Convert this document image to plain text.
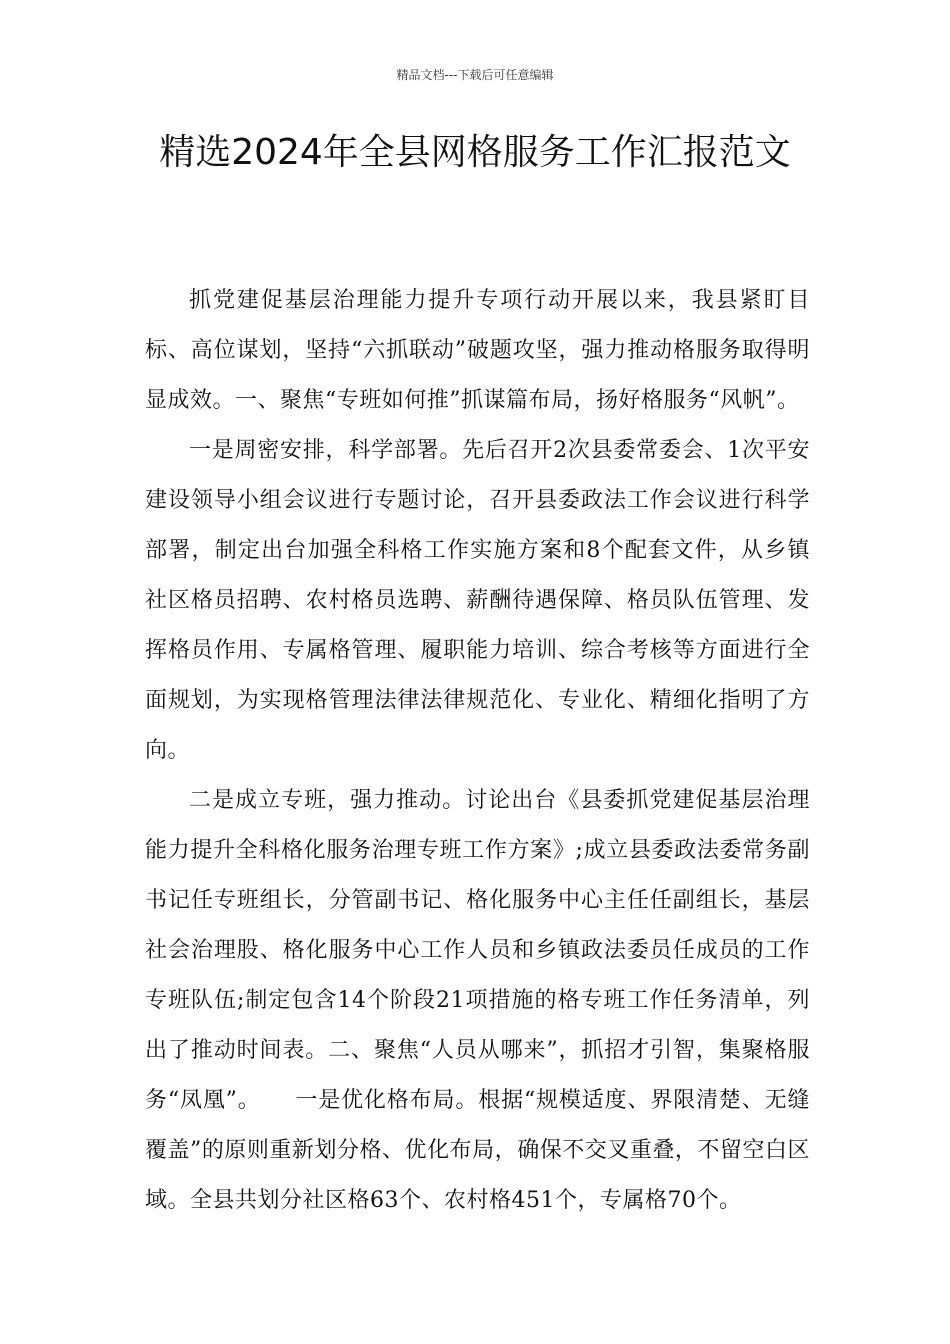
精品文档---下载后可任意编辑
精选2024年全县网格服务工作汇报范文

抓党建促基层治理能力提升专项行动开展以来，我县紧盯目标、高位谋划，坚持“六抓联动”破题攻坚，强力推动格服务取得明显成效。一、聚焦“专班如何推”抓谋篇布局，扬好格服务“风帆”。

一是周密安排，科学部署。先后召开2次县委常委会、1次平安建设领导小组会议进行专题讨论，召开县委政法工作会议进行科学部署，制定出台加强全科格工作实施方案和8个配套文件，从乡镇社区格员招聘、农村格员选聘、薪酬待遇保障、格员队伍管理、发挥格员作用、专属格管理、履职能力培训、综合考核等方面进行全面规划，为实现格管理法律法律规范化、专业化、精细化指明了方向。

二是成立专班，强力推动。讨论出台《县委抓党建促基层治理能力提升全科格化服务治理专班工作方案》;成立县委政法委常务副书记任专班组长，分管副书记、格化服务中心主任任副组长，基层社会治理股、格化服务中心工作人员和乡镇政法委员任成员的工作专班队伍;制定包含14个阶段21项措施的格专班工作任务清单，列出了推动时间表。二、聚焦“人员从哪来”，抓招才引智，集聚格服务“凤凰”。　　一是优化格布局。根据“规模适度、界限清楚、无缝覆盖”的原则重新划分格、优化布局，确保不交叉重叠，不留空白区域。全县共划分社区格63个、农村格451个，专属格70个。
